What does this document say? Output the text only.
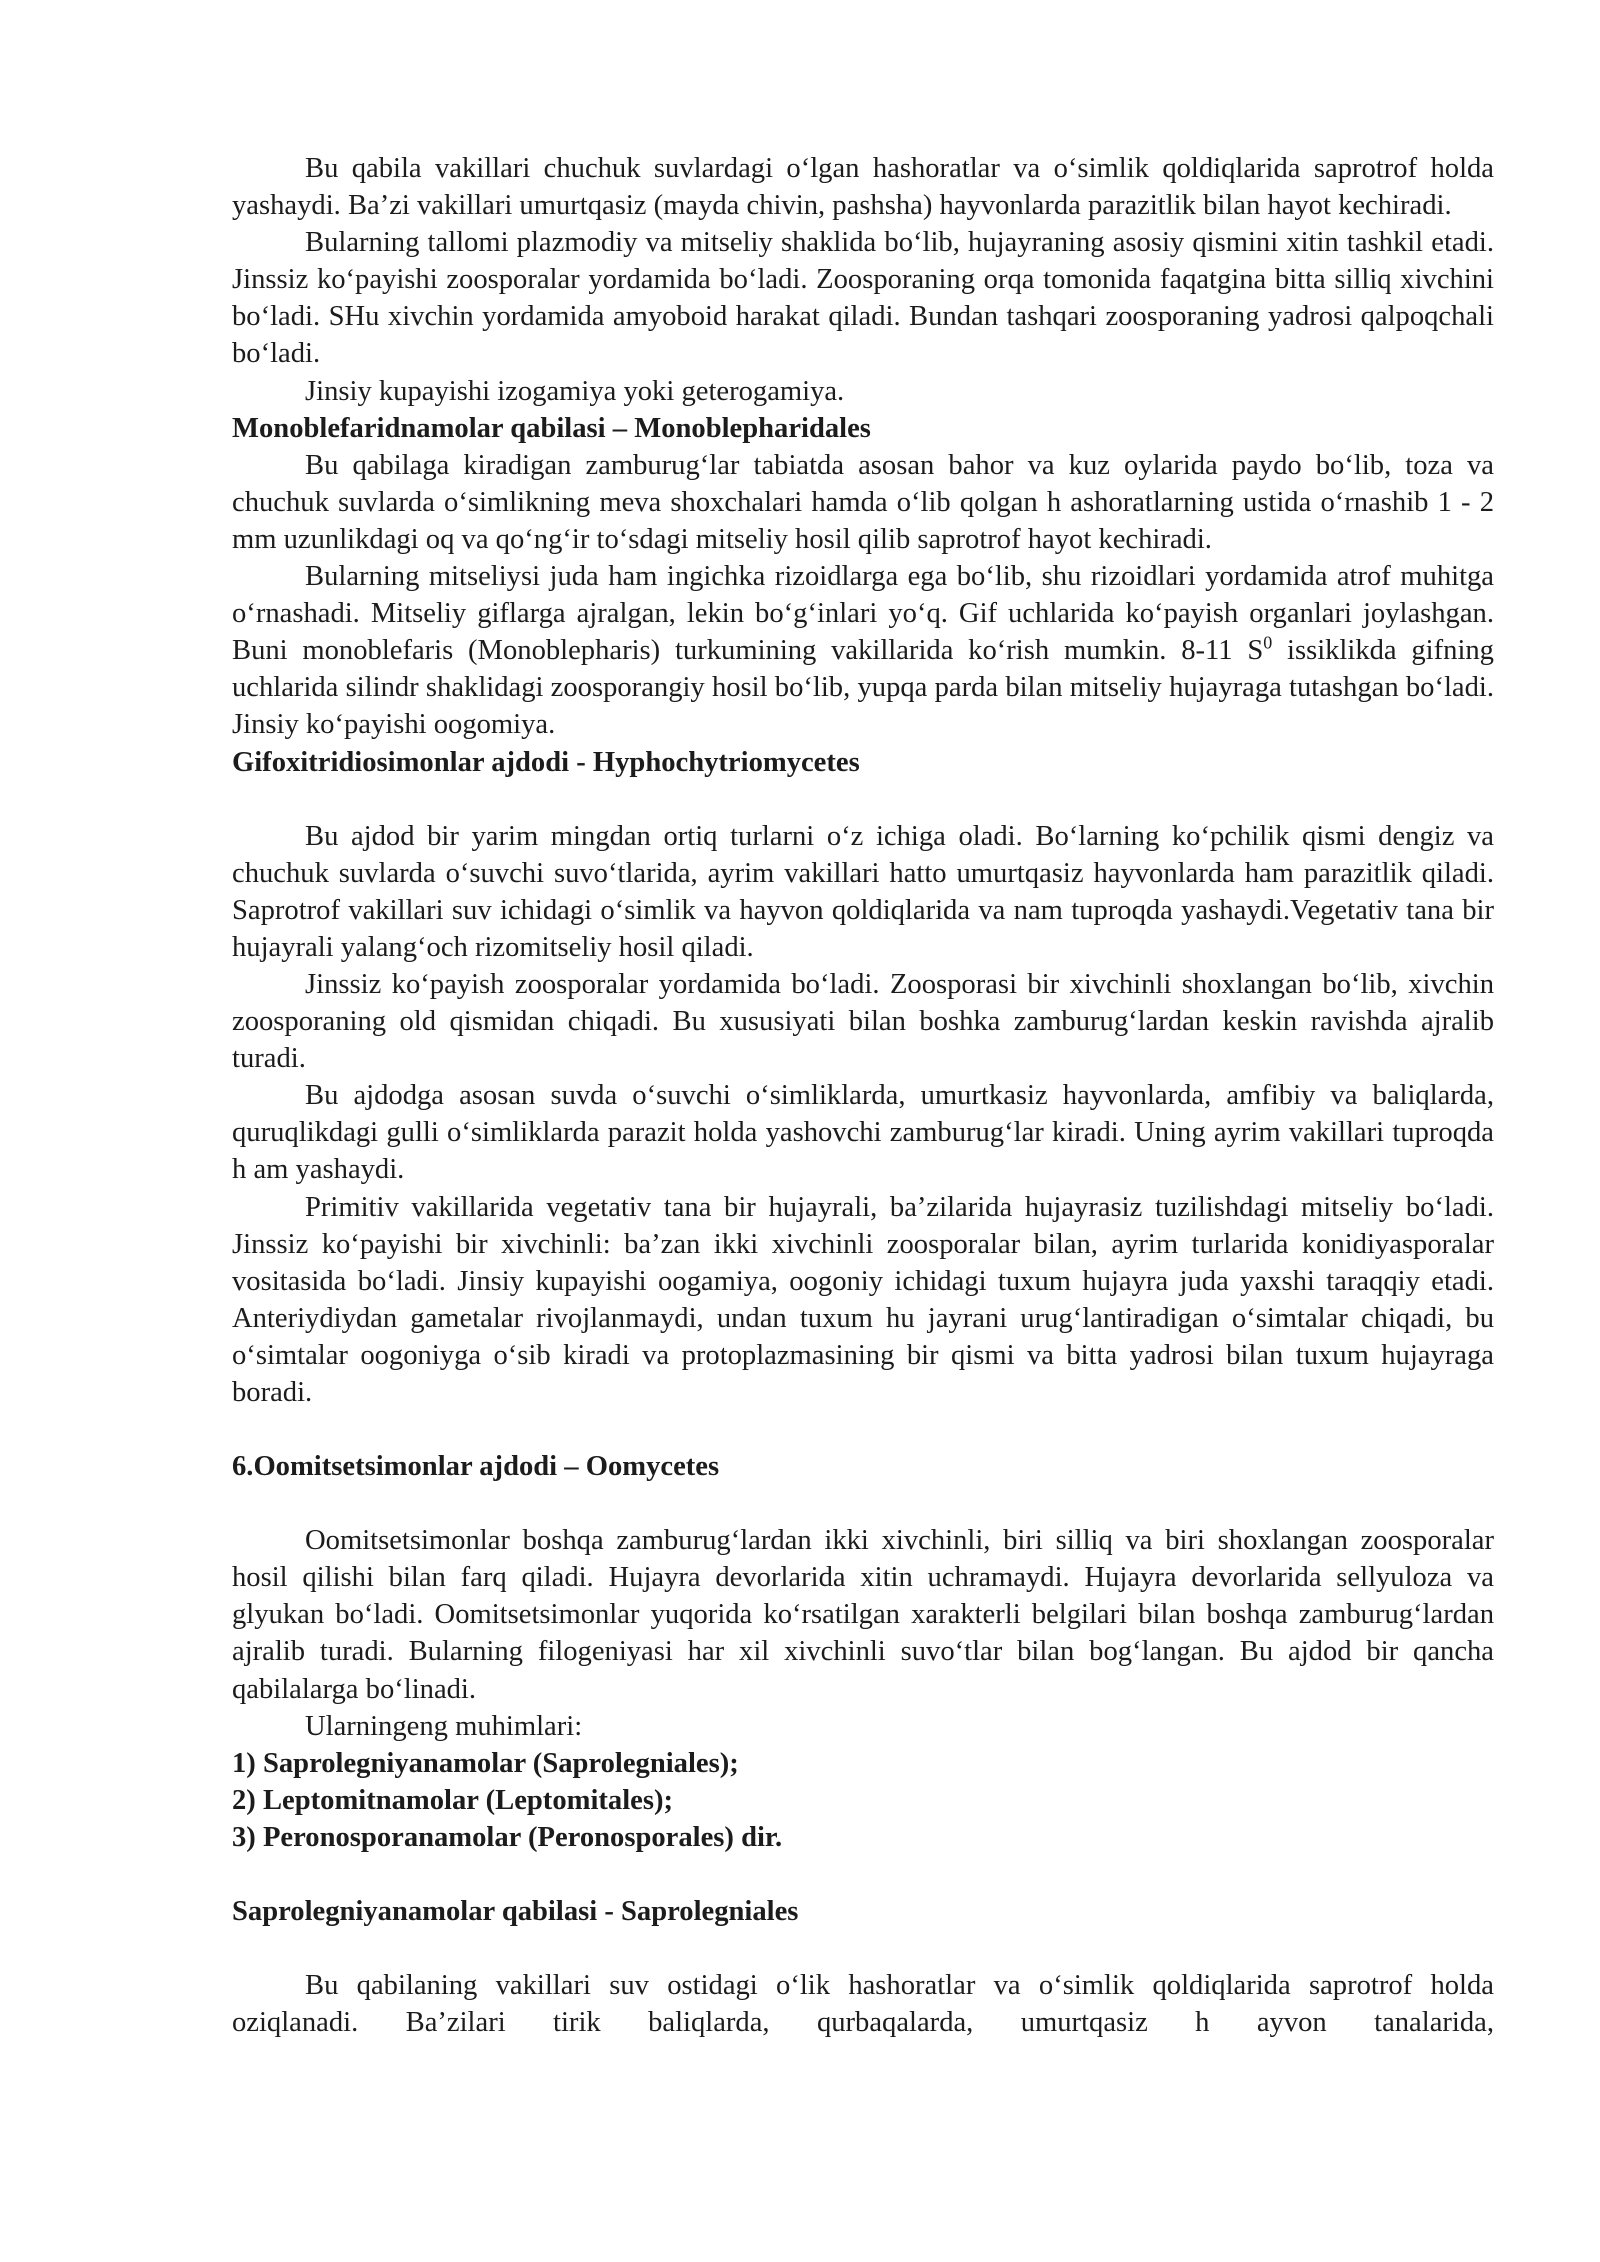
Bu qabila vakillari chuchuk suvlardagi o‘lgan hashoratlar va o‘simlik qoldiqlarida saprotrof holda yashaydi. Ba’zi vakillari umurtqasiz (mayda chivin, pashsha) hayvonlarda parazitlik bilan hayot kechiradi.

Bularning tallomi plazmodiy va mitseliy shaklida bo‘lib, hujayraning asosiy qismini xitin tashkil etadi. Jinssiz ko‘payishi zoosporalar yordamida bo‘ladi. Zoosporaning orqa tomonida faqatgina bitta silliq xivchini bo‘ladi. SHu xivchin yordamida amyoboid harakat qiladi. Bundan tashqari zoosporaning yadrosi qalpoqchali bo‘ladi.

Jinsiy kupayishi izogamiya yoki geterogamiya.

Monoblefaridnamolar qabilasi – Monoblepharidales

Bu qabilaga kiradigan zamburug‘lar tabiatda asosan bahor va kuz oylarida paydo bo‘lib, toza va chuchuk suvlarda o‘simlikning meva shoxchalari hamda o‘lib qolgan h ashoratlarning ustida o‘rnashib 1 - 2 mm uzunlikdagi oq va qo‘ng‘ir to‘sdagi mitseliy hosil qilib saprotrof hayot kechiradi.

Bularning mitseliysi juda ham ingichka rizoidlarga ega bo‘lib, shu rizoidlari yordamida atrof muhitga o‘rnashadi. Mitseliy giflarga ajralgan, lekin bo‘g‘inlari yo‘q. Gif uchlarida ko‘payish organlari joylashgan. Buni monoblefaris (Monoblepharis) turkumining vakillarida ko‘rish mumkin. 8-11 $S^0$ issiklikda gifning uchlarida silindr shaklidagi zoosporangiy hosil bo‘lib, yupqa parda bilan mitseliy hujayraga tutashgan bo‘ladi. Jinsiy ko‘payishi oogomiya.

Gifoxitridiosimonlar ajdodi - Hyphochytriomycetes

Bu ajdod bir yarim mingdan ortiq turlarni o‘z ichiga oladi. Bo‘larning ko‘pchilik qismi dengiz va chuchuk suvlarda o‘suvchi suvo‘tlarida, ayrim vakillari hatto umurtqasiz hayvonlarda ham parazitlik qiladi. Saprotrof vakillari suv ichidagi o‘simlik va hayvon qoldiqlarida va nam tuproqda yashaydi.Vegetativ tana bir hujayrali yalang‘och rizomitseliy hosil qiladi.

Jinssiz ko‘payish zoosporalar yordamida bo‘ladi. Zoosporasi bir xivchinli shoxlangan bo‘lib, xivchin zoosporaning old qismidan chiqadi. Bu xususiyati bilan boshka zamburug‘lardan keskin ravishda ajralib turadi.

Bu ajdodga asosan suvda o‘suvchi o‘simliklarda, umurtkasiz hayvonlarda, amfibiy va baliqlarda, quruqlikdagi gulli o‘simliklarda parazit holda yashovchi zamburug‘lar kiradi. Uning ayrim vakillari tuproqda h am yashaydi.

Primitiv vakillarida vegetativ tana bir hujayrali, ba’zilarida hujayrasiz tuzilishdagi mitseliy bo‘ladi. Jinssiz ko‘payishi bir xivchinli: ba’zan ikki xivchinli zoosporalar bilan, ayrim turlarida konidiyasporalar vositasida bo‘ladi. Jinsiy kupayishi oogamiya, oogoniy ichidagi tuxum hujayra juda yaxshi taraqqiy etadi. Anteriydiydan gametalar rivojlanmaydi, undan tuxum hu jayrani urug‘lantiradigan o‘simtalar chiqadi, bu o‘simtalar oogoniyga o‘sib kiradi va protoplazmasining bir qismi va bitta yadrosi bilan tuxum hujayraga boradi.

6.Oomitsetsimonlar ajdodi – Oomycetes

Oomitsetsimonlar boshqa zamburug‘lardan ikki xivchinli, biri silliq va biri shoxlangan zoosporalar hosil qilishi bilan farq qiladi. Hujayra devorlarida xitin uchramaydi. Hujayra devorlarida sellyuloza va glyukan bo‘ladi. Oomitsetsimonlar yuqorida ko‘rsatilgan xarakterli belgilari bilan boshqa zamburug‘lardan ajralib turadi. Bularning filogeniyasi har xil xivchinli suvo‘tlar bilan bog‘langan. Bu ajdod bir qancha qabilalarga bo‘linadi.

Ularningeng muhimlari:

1) Saprolegniyanamolar (Saprolegniales);

2) Leptomitnamolar (Leptomitales);

3) Peronosporanamolar (Peronosporales) dir.

Saprolegniyanamolar qabilasi - Saprolegniales

Bu qabilaning vakillari suv ostidagi o‘lik hashoratlar va o‘simlik qoldiqlarida saprotrof holda oziqlanadi. Ba’zilari tirik baliqlarda, qurbaqalarda, umurtqasiz h ayvon tanalarida,
